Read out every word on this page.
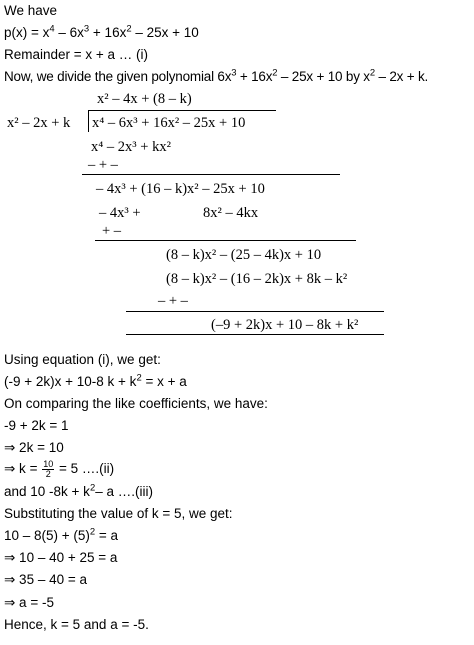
We have
$p(x) = x^4 - 6x^3 + 16x^2 - 25x + 10$
Remainder = x + a … (i)
Now, we divide the given polynomial $6x^3 + 16x^2 - 25x + 10$ by $x^2 - 2x + k$.
x² – 4x + (8 – k)
x² – 2x + k x⁴ – 6x³ + 16x² – 25x + 10
x⁴ – 2x³ + kx²
– + –
– 4x³ + (16 – k)x² – 25x + 10
– 4x³ +	8x² – 4kx
+ –
(8 – k)x² – (25 – 4k)x + 10
(8 – k)x² – (16 – 2k)x + 8k – k²
– + –
(–9 + 2k)x + 10 – 8k + k²
Using equation (i), we get:
(-9 + 2k)x + 10-8 $k + k^2 = x + a$
On comparing the like coefficients, we have:
-9 + 2k = 1
⇒ 2k = 10
⇒ $k = \frac{10}{2} = 5$ ….(ii)
and 10 $-8k + k^2-$ a ….(iii)
Substituting the value of k = 5, we get:
$10 - 8(5) + (5)^2 = a$
⇒ 10 – 40 + 25 = a
⇒ 35 – 40 = a
⇒ a = -5
Hence, k = 5 and a = -5.
